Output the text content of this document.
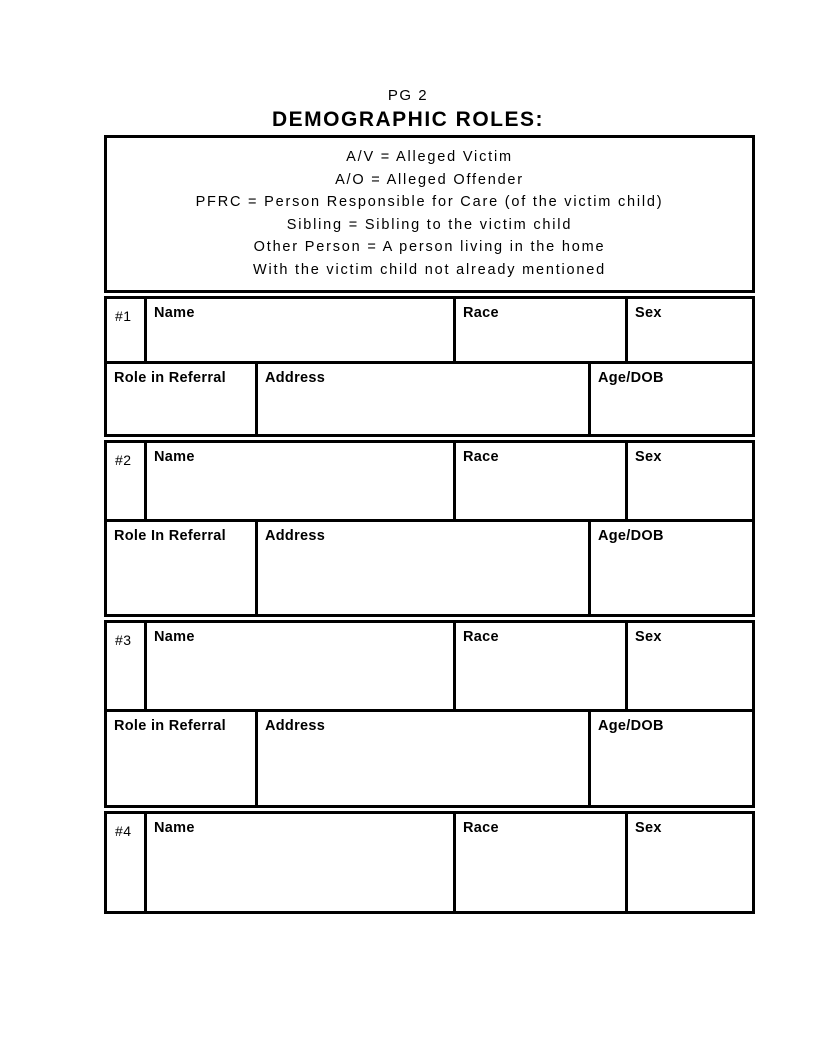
PG 2
DEMOGRAPHIC ROLES:
A/V = Alleged Victim
A/O = Alleged Offender
PFRC = Person Responsible for Care (of the victim child)
Sibling = Sibling to the victim child
Other Person = A person living in the home
With the victim child not already mentioned
#1	Name	Race	Sex
Role in Referral	Address	Age/DOB
#2	Name	Race	Sex
Role In Referral	Address	Age/DOB
#3	Name	Race	Sex
Role in Referral	Address	Age/DOB
#4	Name	Race	Sex
